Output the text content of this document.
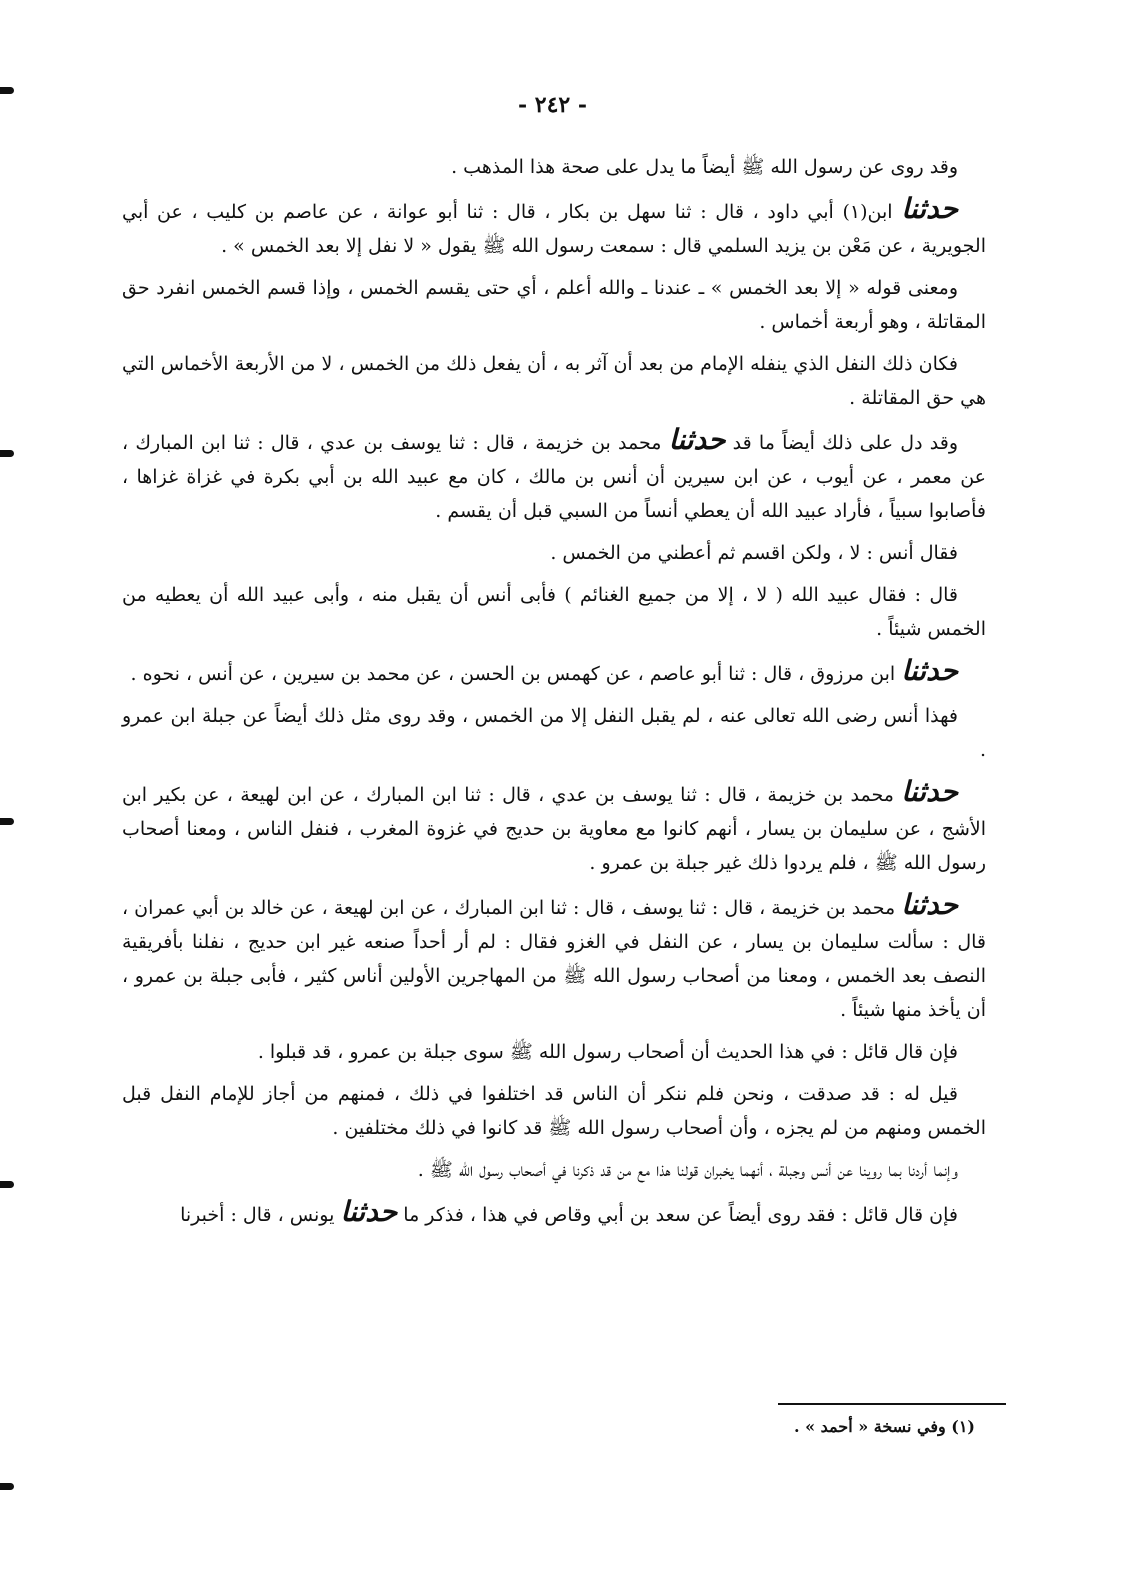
- ٢٤٢ -

وقد روى عن رسول الله ﷺ أيضاً ما يدل على صحة هذا المذهب .

حدثنا ابن(١) أبي داود ، قال : ثنا سهل بن بكار ، قال : ثنا أبو عوانة ، عن عاصم بن كليب ، عن أبي الجويرية ، عن مَعْن بن يزيد السلمي قال : سمعت رسول الله ﷺ يقول « لا نفل إلا بعد الخمس » .

ومعنى قوله « إلا بعد الخمس » ـ عندنا ـ والله أعلم ، أي حتى يقسم الخمس ، وإذا قسم الخمس انفرد حق المقاتلة ، وهو أربعة أخماس .

فكان ذلك النفل الذي ينفله الإمام من بعد أن آثر به ، أن يفعل ذلك من الخمس ، لا من الأربعة الأخماس التي هي حق المقاتلة .

وقد دل على ذلك أيضاً ما قد حدثنا محمد بن خزيمة ، قال : ثنا يوسف بن عدي ، قال : ثنا ابن المبارك ، عن معمر ، عن أيوب ، عن ابن سيرين أن أنس بن مالك ، كان مع عبيد الله بن أبي بكرة في غزاة غزاها ، فأصابوا سبياً ، فأراد عبيد الله أن يعطي أنساً من السبي قبل أن يقسم .

فقال أنس : لا ، ولكن اقسم ثم أعطني من الخمس .

قال : فقال عبيد الله ( لا ، إلا من جميع الغنائم ) فأبى أنس أن يقبل منه ، وأبى عبيد الله أن يعطيه من الخمس شيئاً .

حدثنا ابن مرزوق ، قال : ثنا أبو عاصم ، عن كهمس بن الحسن ، عن محمد بن سيرين ، عن أنس ، نحوه .

فهذا أنس رضى الله تعالى عنه ، لم يقبل النفل إلا من الخمس ، وقد روى مثل ذلك أيضاً عن جبلة ابن عمرو .

حدثنا محمد بن خزيمة ، قال : ثنا يوسف بن عدي ، قال : ثنا ابن المبارك ، عن ابن لهيعة ، عن بكير ابن الأشج ، عن سليمان بن يسار ، أنهم كانوا مع معاوية بن حديج في غزوة المغرب ، فنفل الناس ، ومعنا أصحاب رسول الله ﷺ ، فلم يردوا ذلك غير جبلة بن عمرو .

حدثنا محمد بن خزيمة ، قال : ثنا يوسف ، قال : ثنا ابن المبارك ، عن ابن لهيعة ، عن خالد بن أبي عمران ، قال : سألت سليمان بن يسار ، عن النفل في الغزو فقال : لم أر أحداً صنعه غير ابن حديج ، نفلنا بأفريقية النصف بعد الخمس ، ومعنا من أصحاب رسول الله ﷺ من المهاجرين الأولين أناس كثير ، فأبى جبلة بن عمرو ، أن يأخذ منها شيئاً .

فإن قال قائل : في هذا الحديث أن أصحاب رسول الله ﷺ سوى جبلة بن عمرو ، قد قبلوا .

قيل له : قد صدقت ، ونحن فلم ننكر أن الناس قد اختلفوا في ذلك ، فمنهم من أجاز للإمام النفل قبل الخمس ومنهم من لم يجزه ، وأن أصحاب رسول الله ﷺ قد كانوا في ذلك مختلفين .

وإنما أردنا بما روينا عن أنس وجبلة ، أنهما يخبران قولنا هذا مع من قد ذكرنا في أصحاب رسول الله ﷺ .

فإن قال قائل : فقد روى أيضاً عن سعد بن أبي وقاص في هذا ، فذكر ما حدثنا يونس ، قال : أخبرنا

(١) وفي نسخة « أحمد » .
